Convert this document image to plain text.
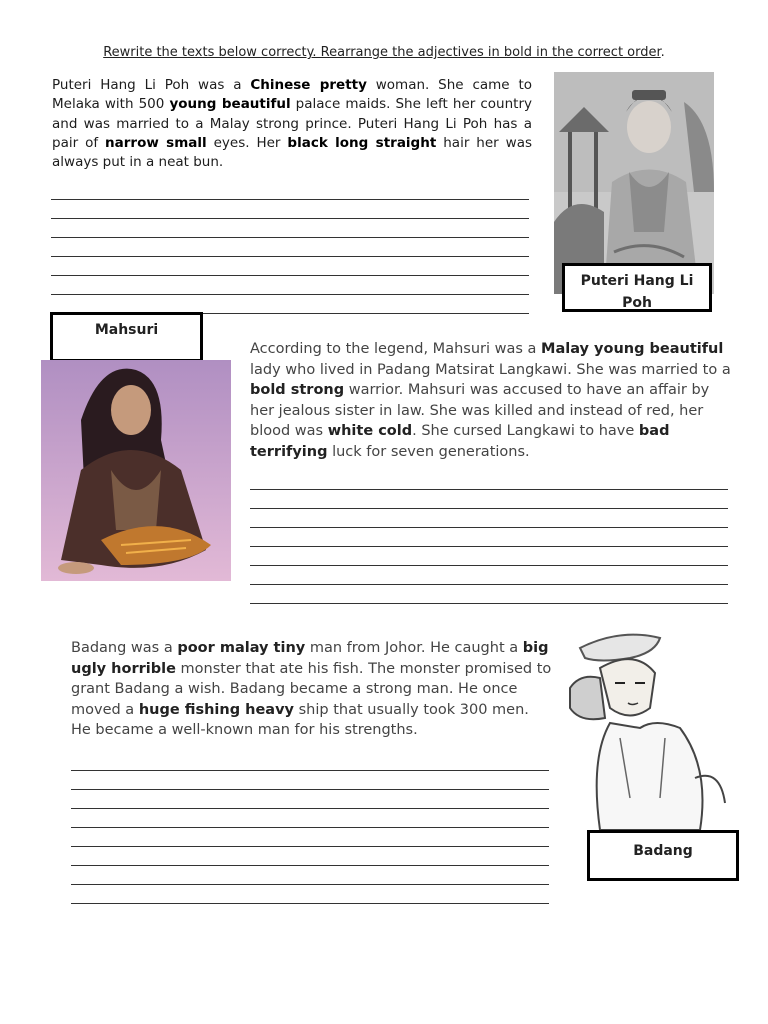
Rewrite the texts below correcty. Rearrange the adjectives in bold in the correct order.
Puteri Hang Li Poh was a Chinese pretty woman. She came to Melaka with 500 young beautiful palace maids. She left her country and was married to a Malay strong prince. Puteri Hang Li Poh has a pair of narrow small eyes. Her black long straight hair her was always put in a neat bun.
Puteri Hang Li Poh
Mahsuri
According to the legend, Mahsuri was a Malay young beautiful lady who lived in Padang Matsirat Langkawi. She was married to a bold strong warrior. Mahsuri was accused to have an affair by her jealous sister in law. She was killed and instead of red, her blood was white cold. She cursed Langkawi to have bad terrifying luck for seven generations.
Badang was a poor malay tiny man from Johor. He caught a big ugly horrible monster that ate his fish. The monster promised to grant Badang a wish. Badang became a strong man. He once moved a huge fishing heavy ship that usually took 300 men. He became a well-known man for his strengths.
Badang
